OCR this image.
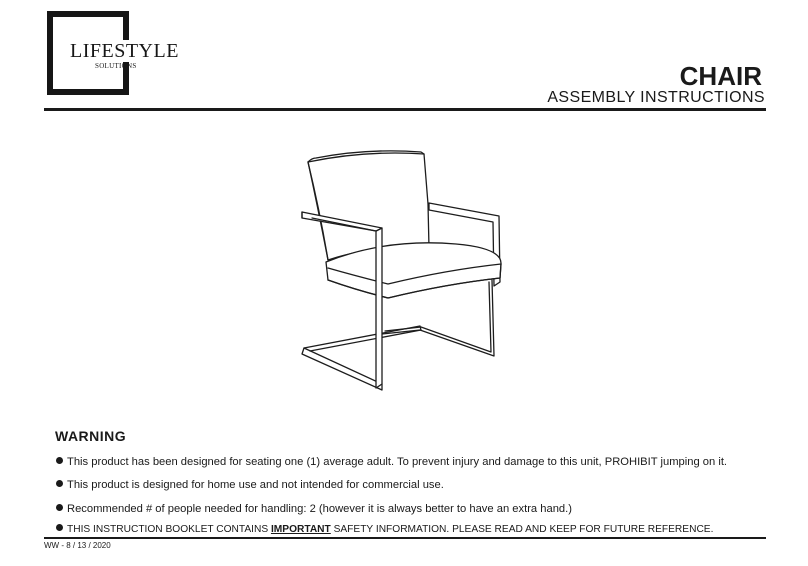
LIFESTYLE
SOLUTIONS	CHAIR
ASSEMBLY INSTRUCTIONS
WARNING
This product has been designed for seating one (1) average adult. To prevent injury and damage to this unit, PROHIBIT jumping on it.
This product is designed for home use and not intended for commercial use.
Recommended # of people needed for handling: 2 (however it is always better to have an extra hand.)
THIS INSTRUCTION BOOKLET CONTAINS IMPORTANT SAFETY INFORMATION. PLEASE READ AND KEEP FOR FUTURE REFERENCE.
WW - 8 / 13 / 2020
